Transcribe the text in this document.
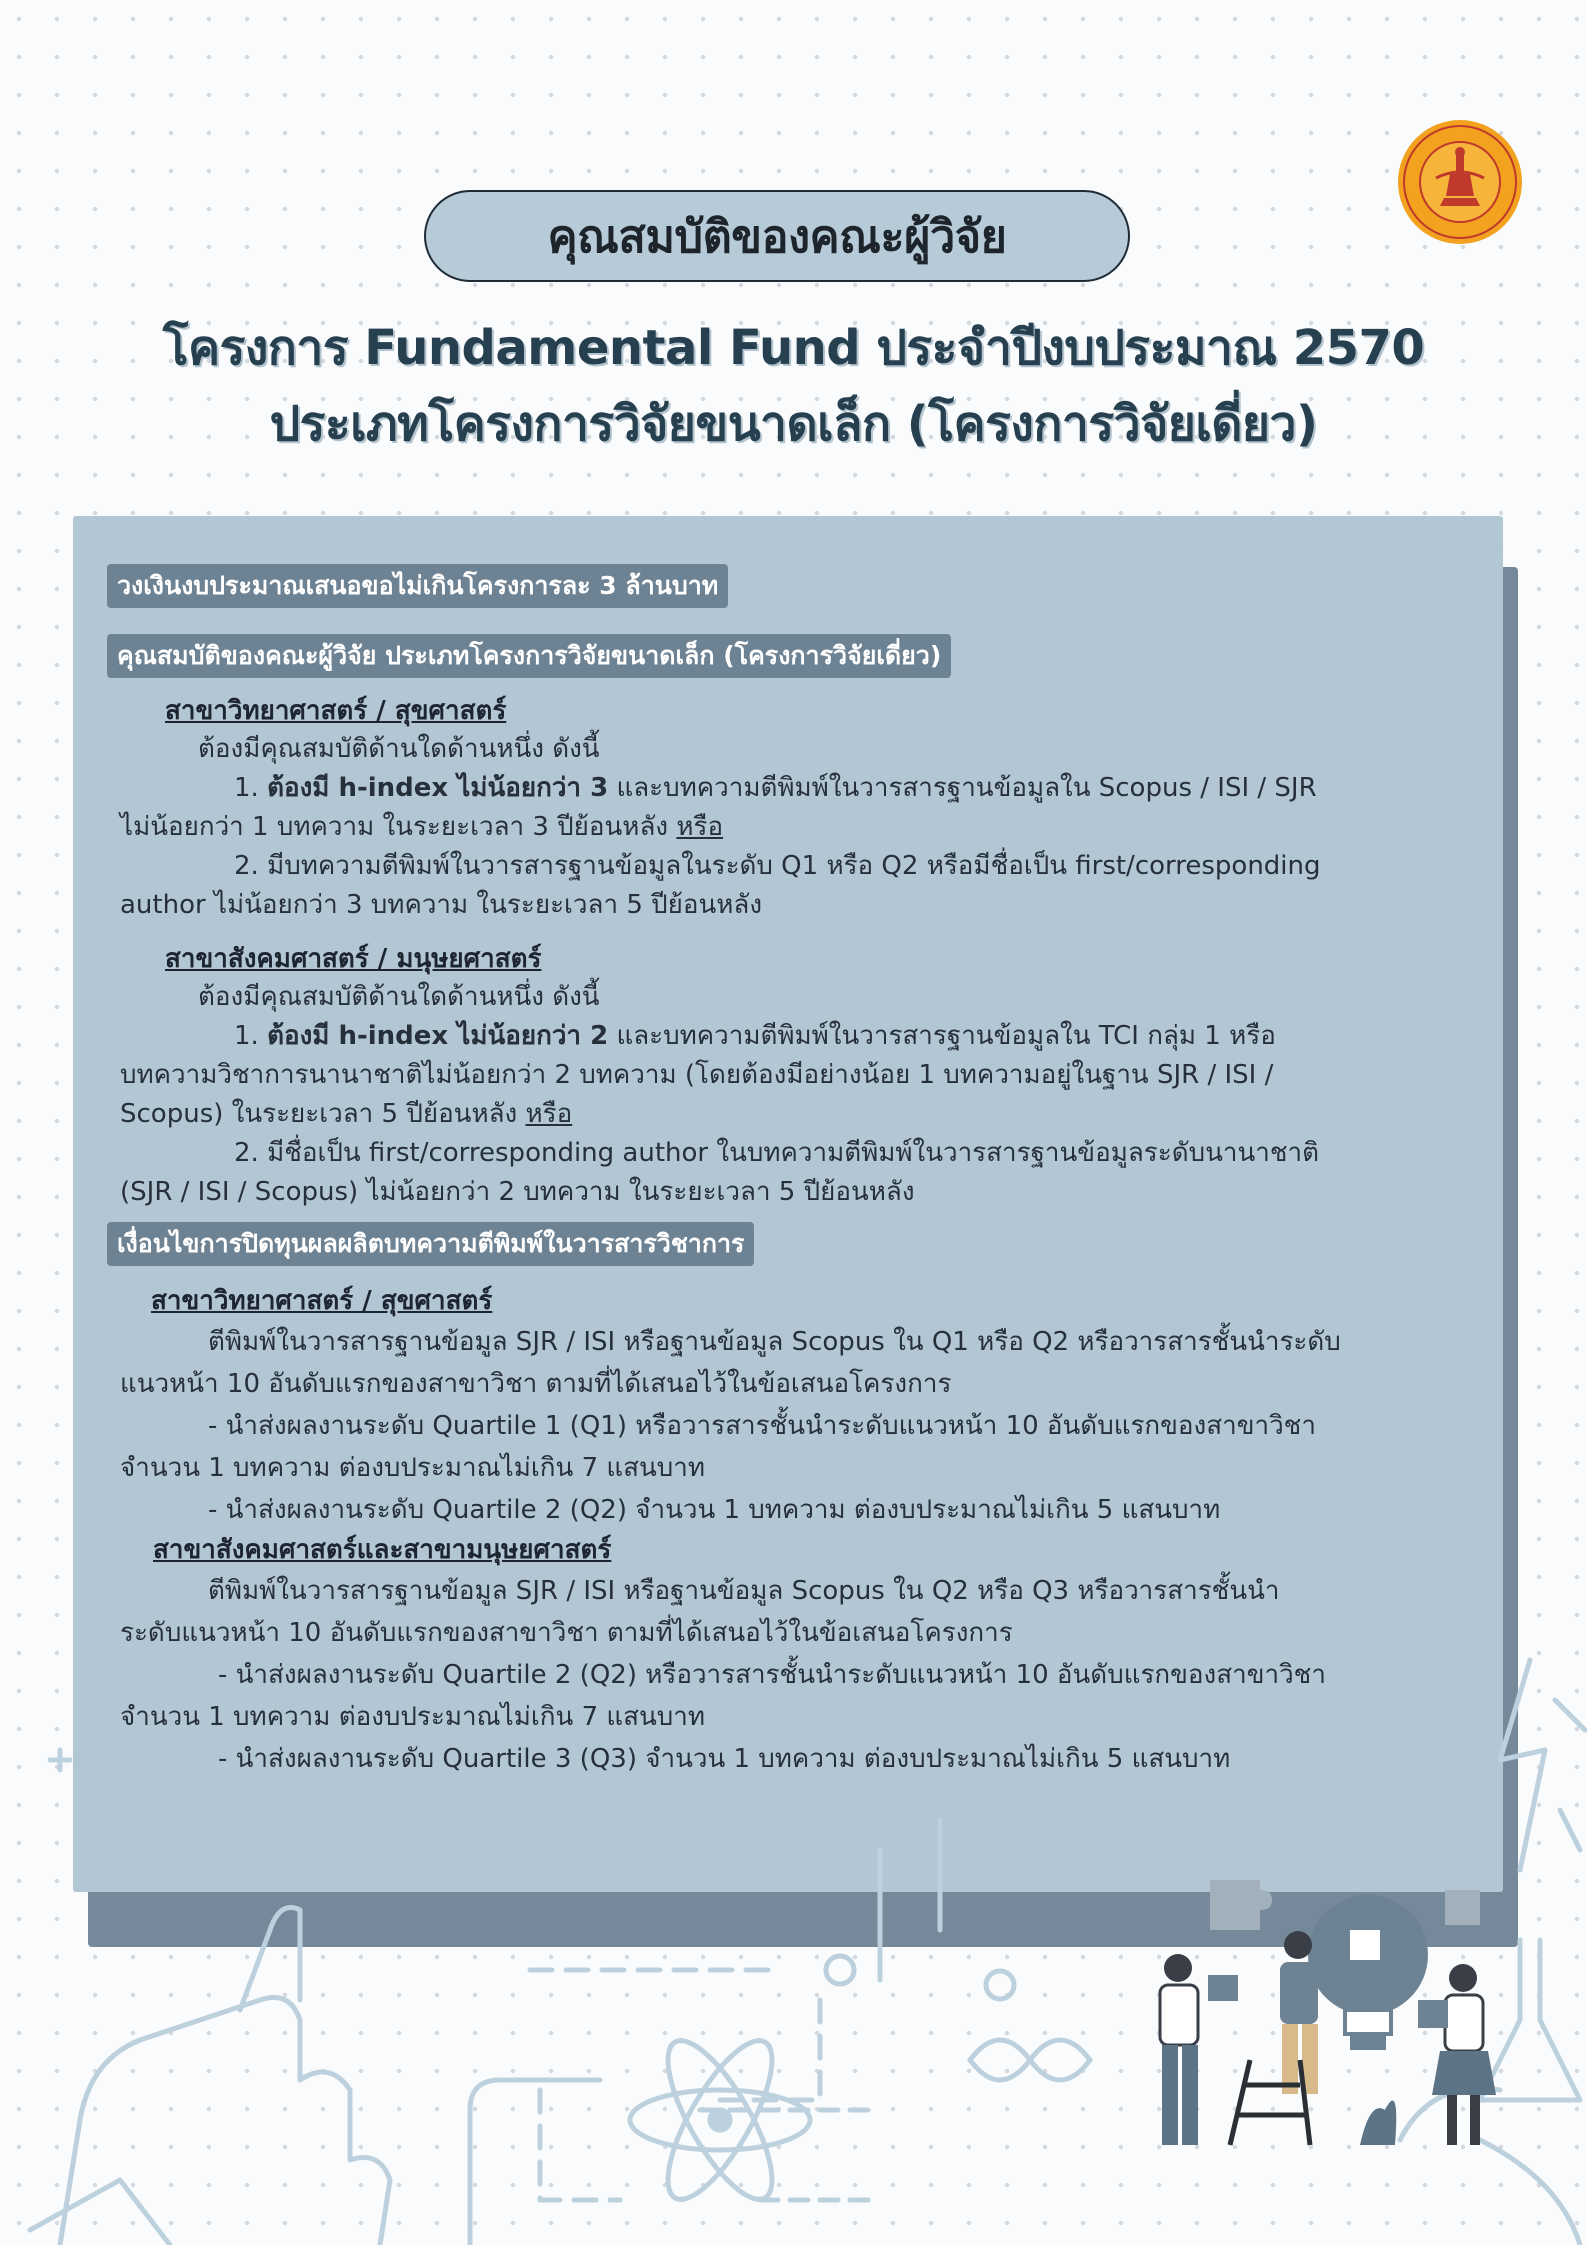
คุณสมบัติของคณะผู้วิจัย
โครงการ Fundamental Fund ประจำปีงบประมาณ 2570
ประเภทโครงการวิจัยขนาดเล็ก (โครงการวิจัยเดี่ยว)
วงเงินงบประมาณเสนอขอไม่เกินโครงการละ 3 ล้านบาท
คุณสมบัติของคณะผู้วิจัย ประเภทโครงการวิจัยขนาดเล็ก (โครงการวิจัยเดี่ยว)
สาขาวิทยาศาสตร์ / สุขศาสตร์
ต้องมีคุณสมบัติด้านใดด้านหนึ่ง ดังนี้
1. ต้องมี h-index ไม่น้อยกว่า 3 และบทความตีพิมพ์ในวารสารฐานข้อมูลใน Scopus / ISI / SJR
ไม่น้อยกว่า 1 บทความ ในระยะเวลา 3 ปีย้อนหลัง หรือ
2. มีบทความตีพิมพ์ในวารสารฐานข้อมูลในระดับ Q1 หรือ Q2 หรือมีชื่อเป็น first/corresponding
author ไม่น้อยกว่า 3 บทความ ในระยะเวลา 5 ปีย้อนหลัง
สาขาสังคมศาสตร์ / มนุษยศาสตร์
ต้องมีคุณสมบัติด้านใดด้านหนึ่ง ดังนี้
1. ต้องมี h-index ไม่น้อยกว่า 2 และบทความตีพิมพ์ในวารสารฐานข้อมูลใน TCI กลุ่ม 1 หรือ
บทความวิชาการนานาชาติไม่น้อยกว่า 2 บทความ (โดยต้องมีอย่างน้อย 1 บทความอยู่ในฐาน SJR / ISI /
Scopus) ในระยะเวลา 5 ปีย้อนหลัง หรือ
2. มีชื่อเป็น first/corresponding author ในบทความตีพิมพ์ในวารสารฐานข้อมูลระดับนานาชาติ
(SJR / ISI / Scopus) ไม่น้อยกว่า 2 บทความ ในระยะเวลา 5 ปีย้อนหลัง
เงื่อนไขการปิดทุนผลผลิตบทความตีพิมพ์ในวารสารวิชาการ
สาขาวิทยาศาสตร์ / สุขศาสตร์
ตีพิมพ์ในวารสารฐานข้อมูล SJR / ISI หรือฐานข้อมูล Scopus ใน Q1 หรือ Q2 หรือวารสารชั้นนำระดับ
แนวหน้า 10 อันดับแรกของสาขาวิชา ตามที่ได้เสนอไว้ในข้อเสนอโครงการ
- นำส่งผลงานระดับ Quartile 1 (Q1) หรือวารสารชั้นนำระดับแนวหน้า 10 อันดับแรกของสาขาวิชา
จำนวน 1 บทความ ต่องบประมาณไม่เกิน 7 แสนบาท
- นำส่งผลงานระดับ Quartile 2 (Q2) จำนวน 1 บทความ ต่องบประมาณไม่เกิน 5 แสนบาท
สาขาสังคมศาสตร์และสาขามนุษยศาสตร์
ตีพิมพ์ในวารสารฐานข้อมูล SJR / ISI หรือฐานข้อมูล Scopus ใน Q2 หรือ Q3 หรือวารสารชั้นนำ
ระดับแนวหน้า 10 อันดับแรกของสาขาวิชา ตามที่ได้เสนอไว้ในข้อเสนอโครงการ
- นำส่งผลงานระดับ Quartile 2 (Q2) หรือวารสารชั้นนำระดับแนวหน้า 10 อันดับแรกของสาขาวิชา
จำนวน 1 บทความ ต่องบประมาณไม่เกิน 7 แสนบาท
- นำส่งผลงานระดับ Quartile 3 (Q3) จำนวน 1 บทความ ต่องบประมาณไม่เกิน 5 แสนบาท
